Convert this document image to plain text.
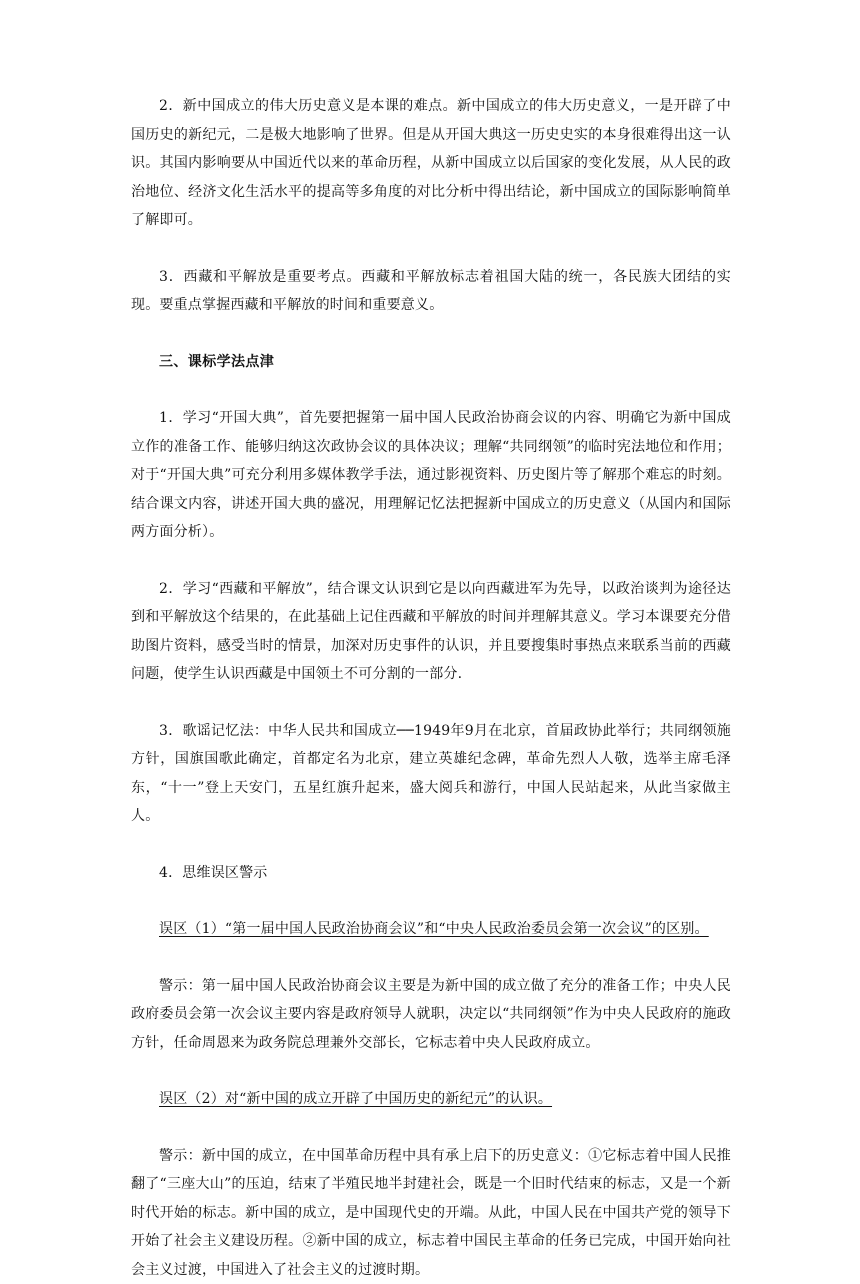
2．新中国成立的伟大历史意义是本课的难点。新中国成立的伟大历史意义，一是开辟了中国历史的新纪元，二是极大地影响了世界。但是从开国大典这一历史史实的本身很难得出这一认识。其国内影响要从中国近代以来的革命历程，从新中国成立以后国家的变化发展，从人民的政治地位、经济文化生活水平的提高等多角度的对比分析中得出结论，新中国成立的国际影响简单了解即可。

3．西藏和平解放是重要考点。西藏和平解放标志着祖国大陆的统一，各民族大团结的实现。要重点掌握西藏和平解放的时间和重要意义。

三、课标学法点津

1．学习“开国大典”，首先要把握第一届中国人民政治协商会议的内容、明确它为新中国成立作的准备工作、能够归纳这次政协会议的具体决议；理解“共同纲领”的临时宪法地位和作用；对于“开国大典”可充分利用多媒体教学手法，通过影视资料、历史图片等了解那个难忘的时刻。结合课文内容，讲述开国大典的盛况，用理解记忆法把握新中国成立的历史意义（从国内和国际两方面分析）。

2．学习“西藏和平解放”，结合课文认识到它是以向西藏进军为先导，以政治谈判为途径达到和平解放这个结果的，在此基础上记住西藏和平解放的时间并理解其意义。学习本课要充分借助图片资料，感受当时的情景，加深对历史事件的认识，并且要搜集时事热点来联系当前的西藏问题，使学生认识西藏是中国领土不可分割的一部分.

3．歌谣记忆法：中华人民共和国成立──1949年9月在北京，首届政协此举行；共同纲领施方针，国旗国歌此确定，首都定名为北京，建立英雄纪念碑，革命先烈人人敬，选举主席毛泽东，“十一”登上天安门，五星红旗升起来，盛大阅兵和游行，中国人民站起来，从此当家做主人。

4．思维误区警示

误区（1）“第一届中国人民政治协商会议”和“中央人民政治委员会第一次会议”的区别。

警示：第一届中国人民政治协商会议主要是为新中国的成立做了充分的准备工作；中央人民政府委员会第一次会议主要内容是政府领导人就职，决定以“共同纲领”作为中央人民政府的施政方针，任命周恩来为政务院总理兼外交部长，它标志着中央人民政府成立。

误区（2）对“新中国的成立开辟了中国历史的新纪元”的认识。

警示：新中国的成立，在中国革命历程中具有承上启下的历史意义：①它标志着中国人民推翻了“三座大山”的压迫，结束了半殖民地半封建社会，既是一个旧时代结束的标志，又是一个新时代开始的标志。新中国的成立，是中国现代史的开端。从此，中国人民在中国共产党的领导下开始了社会主义建设历程。②新中国的成立，标志着中国民主革命的任务已完成，中国开始向社会主义过渡，中国进入了社会主义的过渡时期。
